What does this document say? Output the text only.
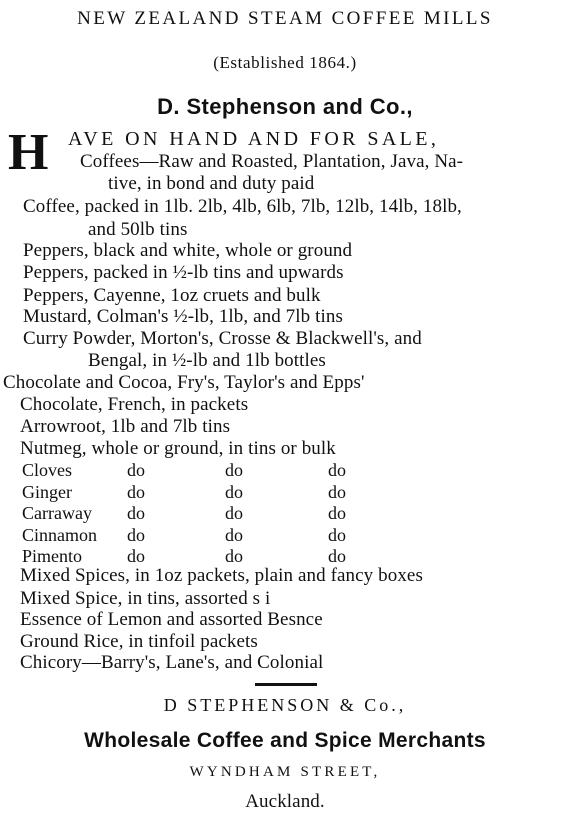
NEW ZEALAND STEAM COFFEE MILLS
(Established 1864.)
D. Stephenson and Co.,
H AVE ON HAND AND FOR SALE,
Coffees—Raw and Roasted, Plantation, Java, Na-
tive, in bond and duty paid
Coffee, packed in 1lb. 2lb, 4lb, 6lb, 7lb, 12lb, 14lb, 18lb,
and 50lb tins
Peppers, black and white, whole or ground
Peppers, packed in ½-lb tins and upwards
Peppers, Cayenne, 1oz cruets and bulk
Mustard, Colman's ½-lb, 1lb, and 7lb tins
Curry Powder, Morton's, Crosse & Blackwell's, and
Bengal, in ½-lb and 1lb bottles
Chocolate and Cocoa, Fry's, Taylor's and Epps'
Chocolate, French, in packets
Arrowroot, 1lb and 7lb tins
Nutmeg, whole or ground, in tins or bulk
Cloves	do	do	do
Ginger	do	do	do
Carraway do	do	do
Cinnamon do	do	do
Pimento do	do	do
Mixed Spices, in 1oz packets, plain and fancy boxes
Mixed Spice, in tins, assorted s i
Essence of Lemon and assorted Besnce
Ground Rice, in tinfoil packets
Chicory—Barry's, Lane's, and Colonial
D STEPHENSON & Co.,
Wholesale Coffee and Spice Merchants
WYNDHAM STREET,
Auckland.
